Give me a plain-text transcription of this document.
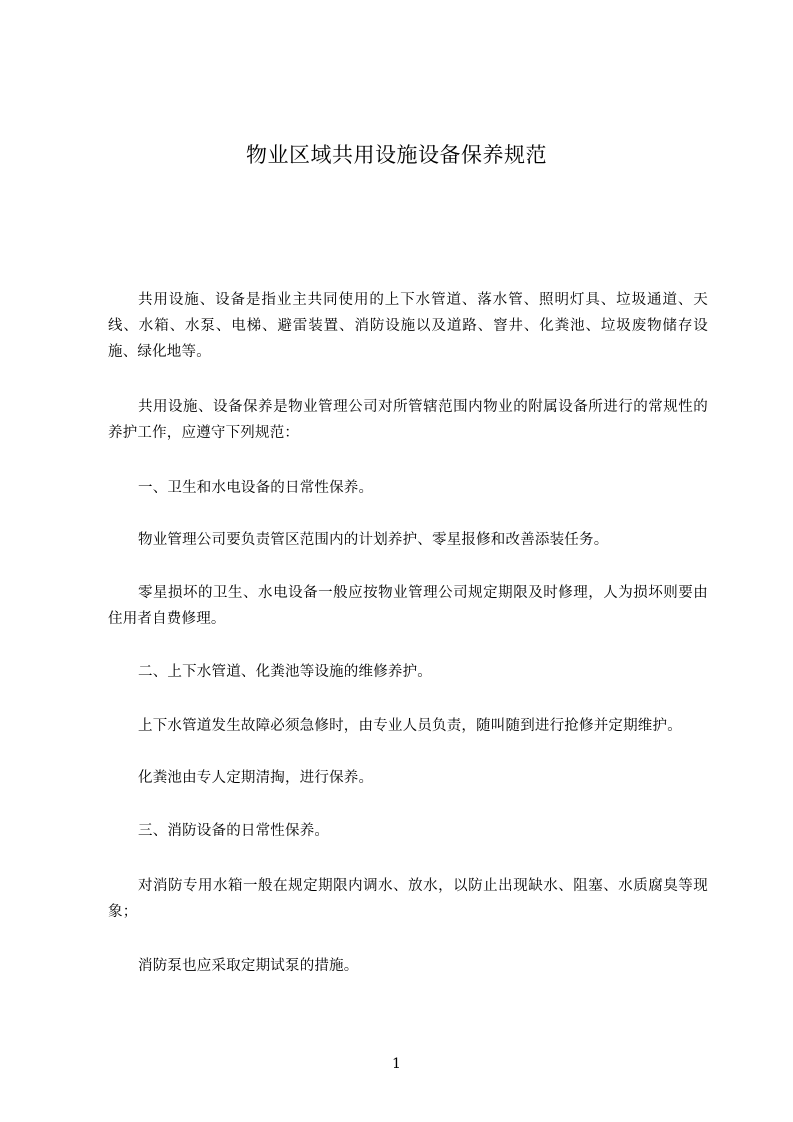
物业区域共用设施设备保养规范

共用设施、设备是指业主共同使用的上下水管道、落水管、照明灯具、垃圾通道、天线、水箱、水泵、电梯、避雷装置、消防设施以及道路、窨井、化粪池、垃圾废物储存设施、绿化地等。

共用设施、设备保养是物业管理公司对所管辖范围内物业的附属设备所进行的常规性的养护工作，应遵守下列规范：

一、卫生和水电设备的日常性保养。

物业管理公司要负责管区范围内的计划养护、零星报修和改善添装任务。

零星损坏的卫生、水电设备一般应按物业管理公司规定期限及时修理，人为损坏则要由住用者自费修理。

二、上下水管道、化粪池等设施的维修养护。

上下水管道发生故障必须急修时，由专业人员负责，随叫随到进行抢修并定期维护。

化粪池由专人定期清掏，进行保养。

三、消防设备的日常性保养。

对消防专用水箱一般在规定期限内调水、放水，以防止出现缺水、阻塞、水质腐臭等现象；

消防泵也应采取定期试泵的措施。

1
